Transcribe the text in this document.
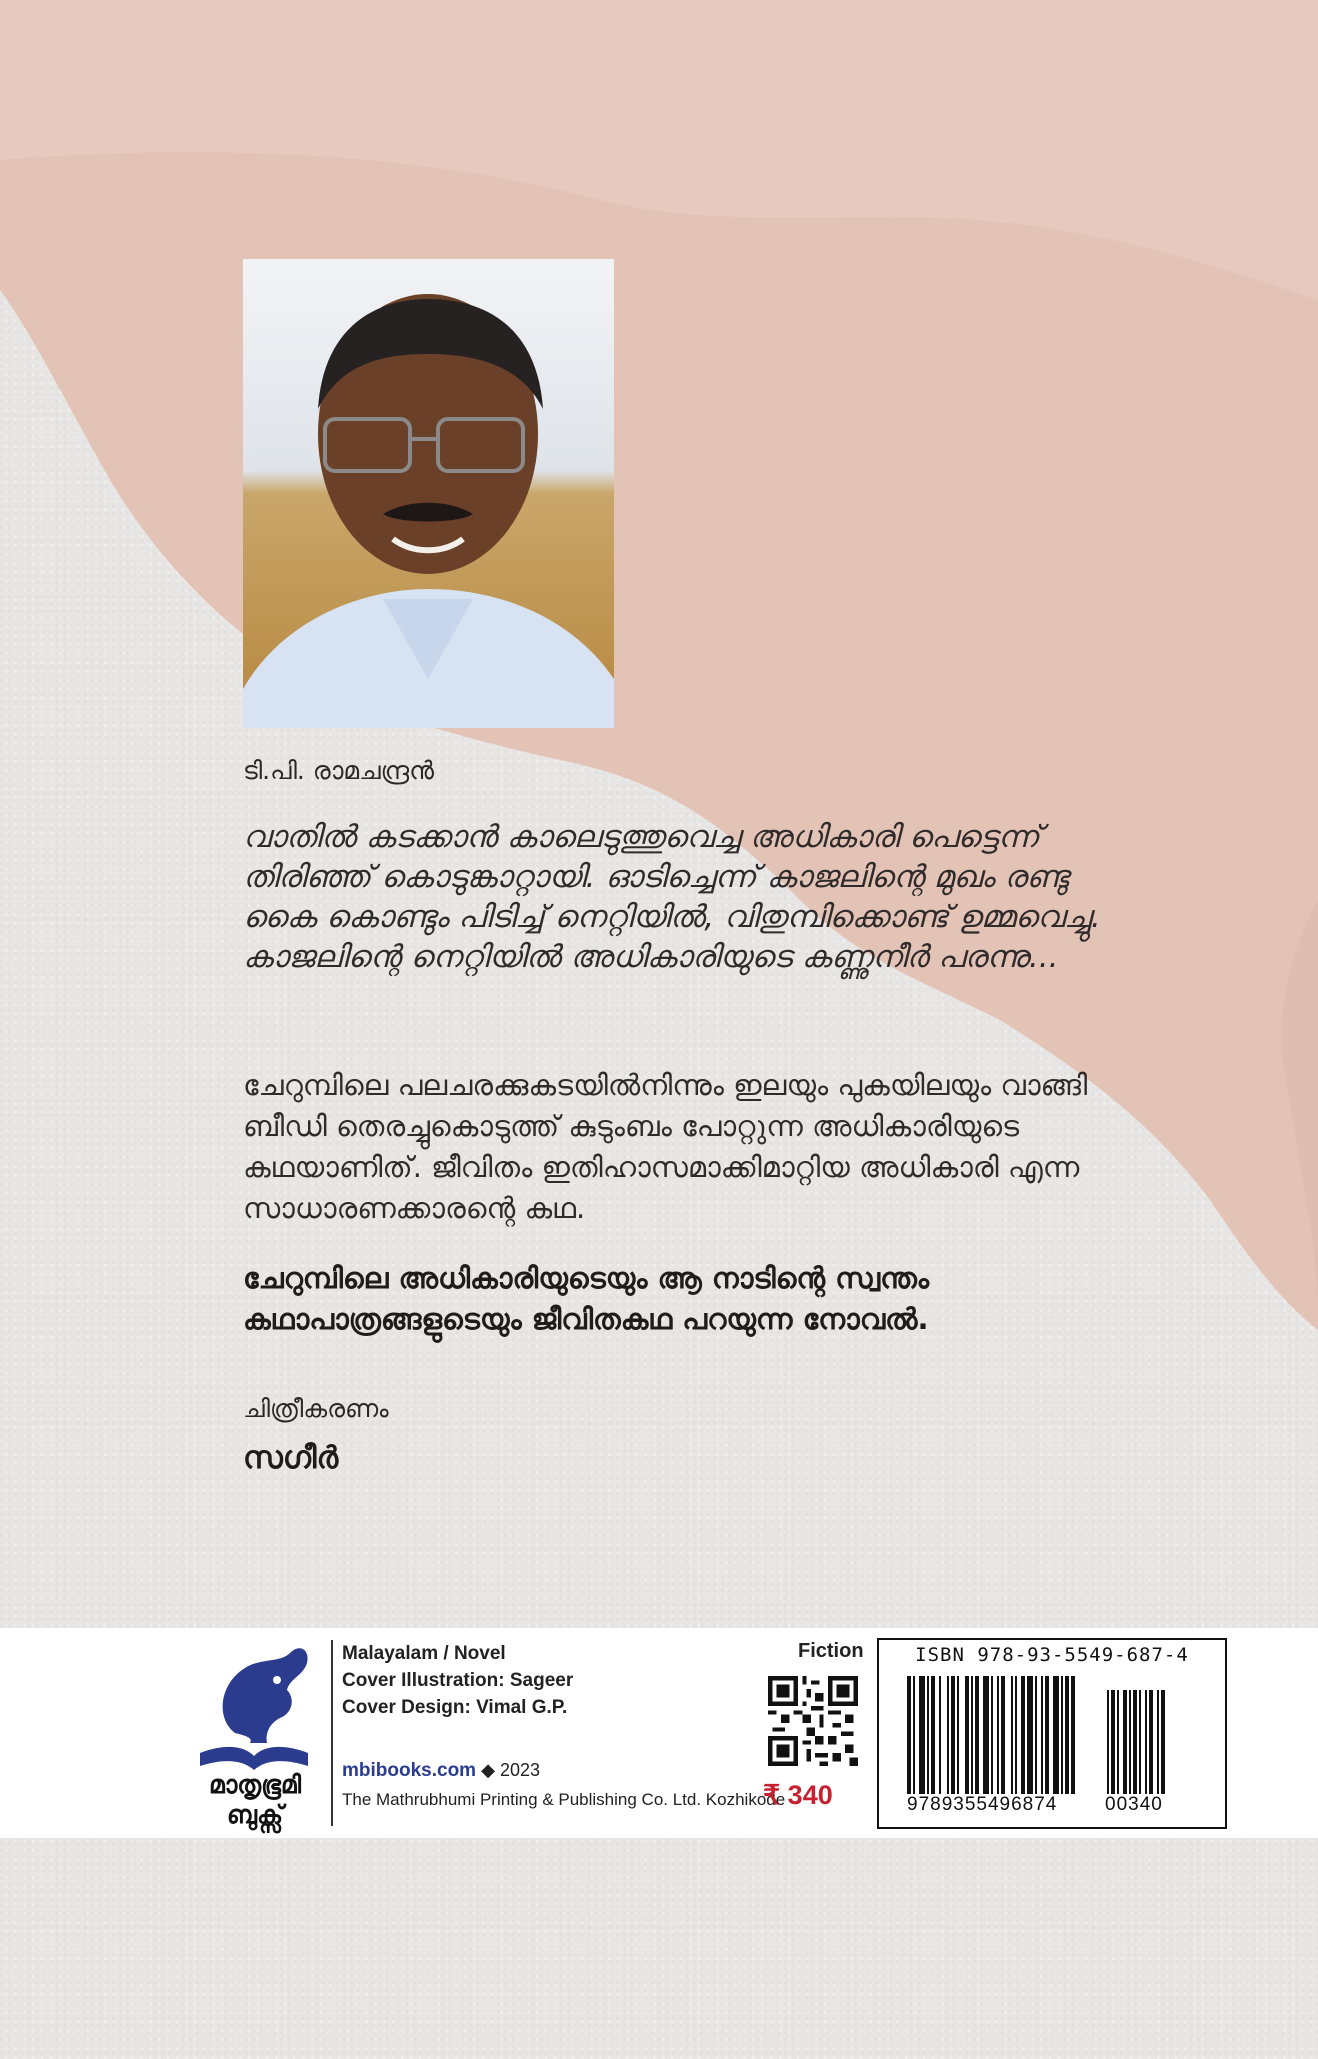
ടി.പി. രാമചന്ദ്രൻ

വാതിൽ കടക്കാൻ കാലെടുത്തുവെച്ച അധികാരി പെട്ടെന്ന് തിരിഞ്ഞ് കൊടുങ്കാറ്റായി. ഓടിച്ചെന്ന് കാജലിന്റെ മുഖം രണ്ടു കൈ കൊണ്ടും പിടിച്ച് നെറ്റിയിൽ, വിതുമ്പിക്കൊണ്ട് ഉമ്മവെച്ചു. കാജലിന്റെ നെറ്റിയിൽ അധികാരിയുടെ കണ്ണുനീർ പരന്നു...

ചേറുമ്പിലെ പലചരക്കുകടയിൽനിന്നും ഇലയും പുകയിലയും വാങ്ങി ബീഡി തെരച്ചുകൊടുത്ത് കുടുംബം പോറ്റുന്ന അധികാരിയുടെ കഥയാണിത്. ജീവിതം ഇതിഹാസമാക്കിമാറ്റിയ അധികാരി എന്ന സാധാരണക്കാരന്റെ കഥ.

ചേറുമ്പിലെ അധികാരിയുടെയും ആ നാടിന്റെ സ്വന്തം കഥാപാത്രങ്ങളുടെയും ജീവിതകഥ പറയുന്ന നോവൽ.

ചിത്രീകരണം
സഗീർ
മാതൃഭൂമി
ബുക്സ്
Malayalam / Novel
Cover Illustration: Sageer
Cover Design: Vimal G.P.
mbibooks.com ◆ 2023
The Mathrubhumi Printing & Publishing Co. Ltd. Kozhikode
Fiction
₹ 340
ISBN 978-93-5549-687-4
9789355496874	00340
